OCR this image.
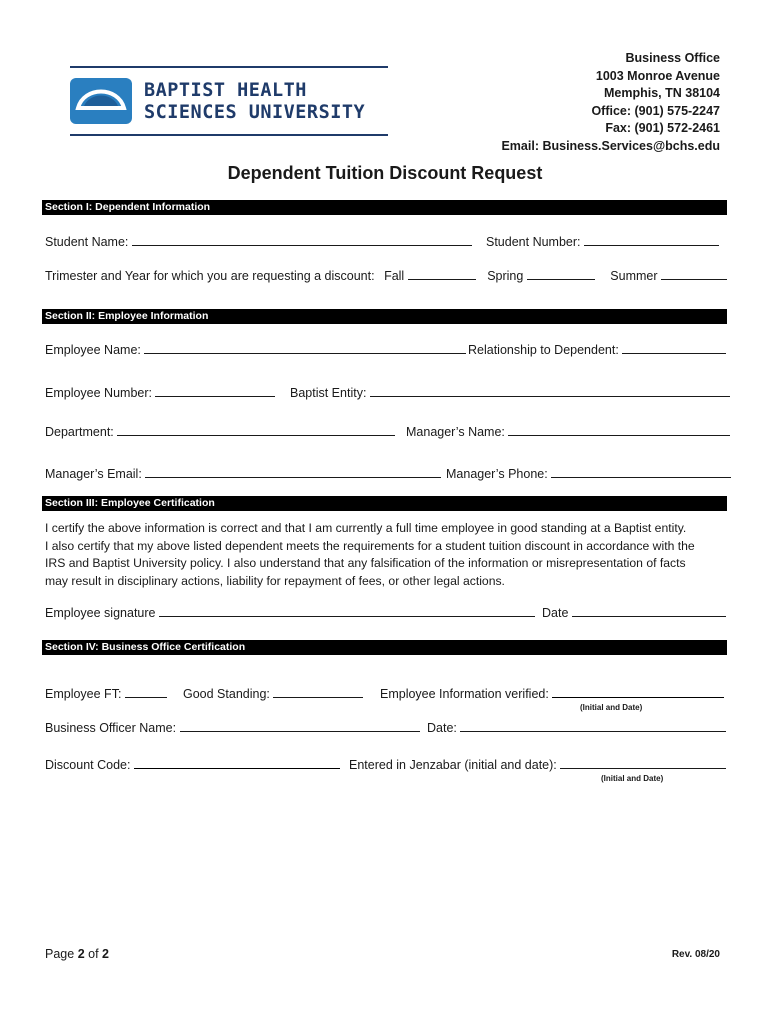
BAPTIST HEALTH
SCIENCES UNIVERSITY
Business Office
1003 Monroe Avenue
Memphis, TN 38104
Office: (901) 575-2247
Fax: (901) 572-2461
Email: Business.Services@bchs.edu
Dependent Tuition Discount Request
Section I: Dependent Information
Student Name:	Student Number:
Trimester and Year for which you are requesting a discount: Fall	Spring	Summer
Section II: Employee Information
Employee Name:	Relationship to Dependent:
Employee Number:	Baptist Entity:
Department:	Manager’s Name:
Manager’s Email:	Manager’s Phone:
Section III: Employee Certification

I certify the above information is correct and that I am currently a full time employee in good standing at a Baptist entity.

I also certify that my above listed dependent meets the requirements for a student tuition discount in accordance with the

IRS and Baptist University policy. I also understand that any falsification of the information or misrepresentation of facts

may result in disciplinary actions, liability for repayment of fees, or other legal actions.

Employee signature	Date
Section IV: Business Office Certification
Employee FT:	Good Standing:	Employee Information verified:
(Initial and Date)
Business Officer Name:	Date:
Discount Code:	Entered in Jenzabar (initial and date):
(Initial and Date)
Page 2 of 2	Rev. 08/20
